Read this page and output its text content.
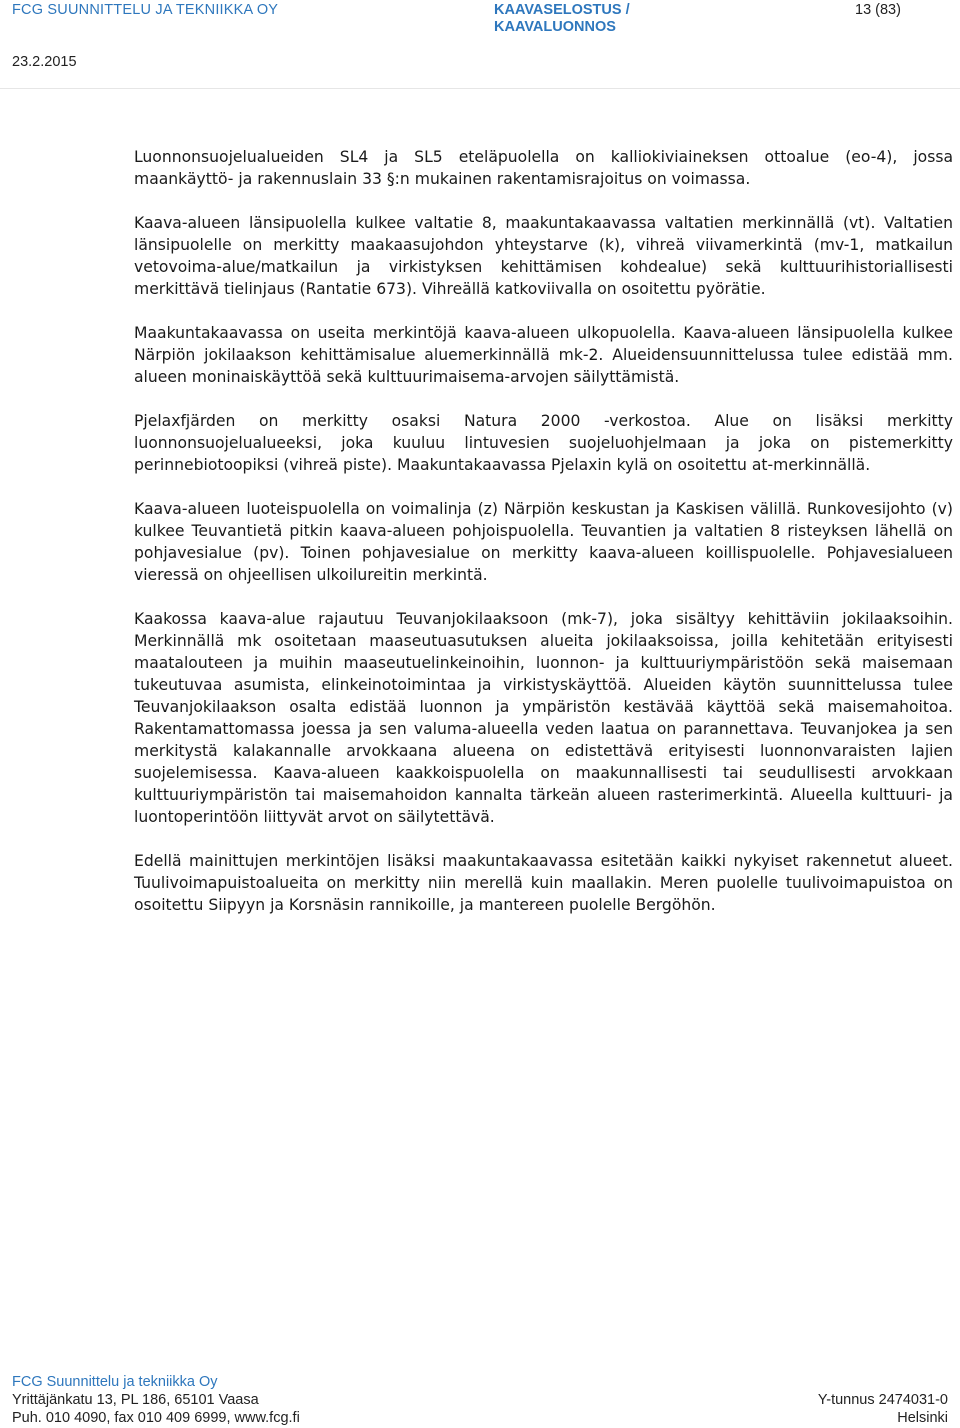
FCG SUUNNITTELU JA TEKNIIKKA OY	KAAVASELOSTUS /
KAAVALUONNOS
13 (83)
23.2.2015

Luonnonsuojelualueiden SL4 ja SL5 eteläpuolella on kalliokiviaineksen ottoalue (eo-4), jossa maankäyttö- ja rakennuslain 33 §:n mukainen rakentamisrajoitus on voimassa.

Kaava-alueen länsipuolella kulkee valtatie 8, maakuntakaavassa valtatien merkinnällä (vt). Valtatien länsipuolelle on merkitty maakaasujohdon yhteystarve (k), vihreä viivamerkintä (mv-1, matkailun vetovoima-alue/matkailun ja virkistyksen kehittämisen kohdealue) sekä kulttuurihistoriallisesti merkittävä tielinjaus (Rantatie 673). Vihreällä katkoviivalla on osoitettu pyörätie.

Maakuntakaavassa on useita merkintöjä kaava-alueen ulkopuolella. Kaava-alueen länsipuolella kulkee Närpiön jokilaakson kehittämisalue aluemerkinnällä mk-2. Alueidensuunnittelussa tulee edistää mm. alueen moninaiskäyttöä sekä kulttuurimaisema-arvojen säilyttämistä.

Pjelaxfjärden on merkitty osaksi Natura 2000 -verkostoa. Alue on lisäksi merkitty luonnonsuojelualueeksi, joka kuuluu lintuvesien suojeluohjelmaan ja joka on pistemerkitty perinnebiotoopiksi (vihreä piste). Maakuntakaavassa Pjelaxin kylä on osoitettu at-merkinnällä.

Kaava-alueen luoteispuolella on voimalinja (z) Närpiön keskustan ja Kaskisen välillä. Runkovesijohto (v) kulkee Teuvantietä pitkin kaava-alueen pohjoispuolella. Teuvantien ja valtatien 8 risteyksen lähellä on pohjavesialue (pv). Toinen pohjavesialue on merkitty kaava-alueen koillispuolelle. Pohjavesialueen vieressä on ohjeellisen ulkoilureitin merkintä.

Kaakossa kaava-alue rajautuu Teuvanjokilaaksoon (mk-7), joka sisältyy kehittäviin jokilaaksoihin. Merkinnällä mk osoitetaan maaseutuasutuksen alueita jokilaaksoissa, joilla kehitetään erityisesti maatalouteen ja muihin maaseutuelinkeinoihin, luonnon- ja kulttuuriympäristöön sekä maisemaan tukeutuvaa asumista, elinkeinotoimintaa ja virkistyskäyttöä. Alueiden käytön suunnittelussa tulee Teuvanjokilaakson osalta edistää luonnon ja ympäristön kestävää käyttöä sekä maisemahoitoa. Rakentamattomassa joessa ja sen valuma-alueella veden laatua on parannettava. Teuvanjokea ja sen merkitystä kalakannalle arvokkaana alueena on edistettävä erityisesti luonnonvaraisten lajien suojelemisessa. Kaava-alueen kaakkoispuolella on maakunnallisesti tai seudullisesti arvokkaan kulttuuriympäristön tai maisemahoidon kannalta tärkeän alueen rasterimerkintä. Alueella kulttuuri- ja luontoperintöön liittyvät arvot on säilytettävä.

Edellä mainittujen merkintöjen lisäksi maakuntakaavassa esitetään kaikki nykyiset rakennetut alueet. Tuulivoimapuistoalueita on merkitty niin merellä kuin maallakin. Meren puolelle tuulivoimapuistoa on osoitettu Siipyyn ja Korsnäsin rannikoille, ja mantereen puolelle Bergöhön.

FCG Suunnittelu ja tekniikka Oy
Yrittäjänkatu 13, PL 186, 65101 Vaasa	Y-tunnus 2474031-0
Puh. 010 4090, fax 010 409 6999, www.fcg.fi	Helsinki
